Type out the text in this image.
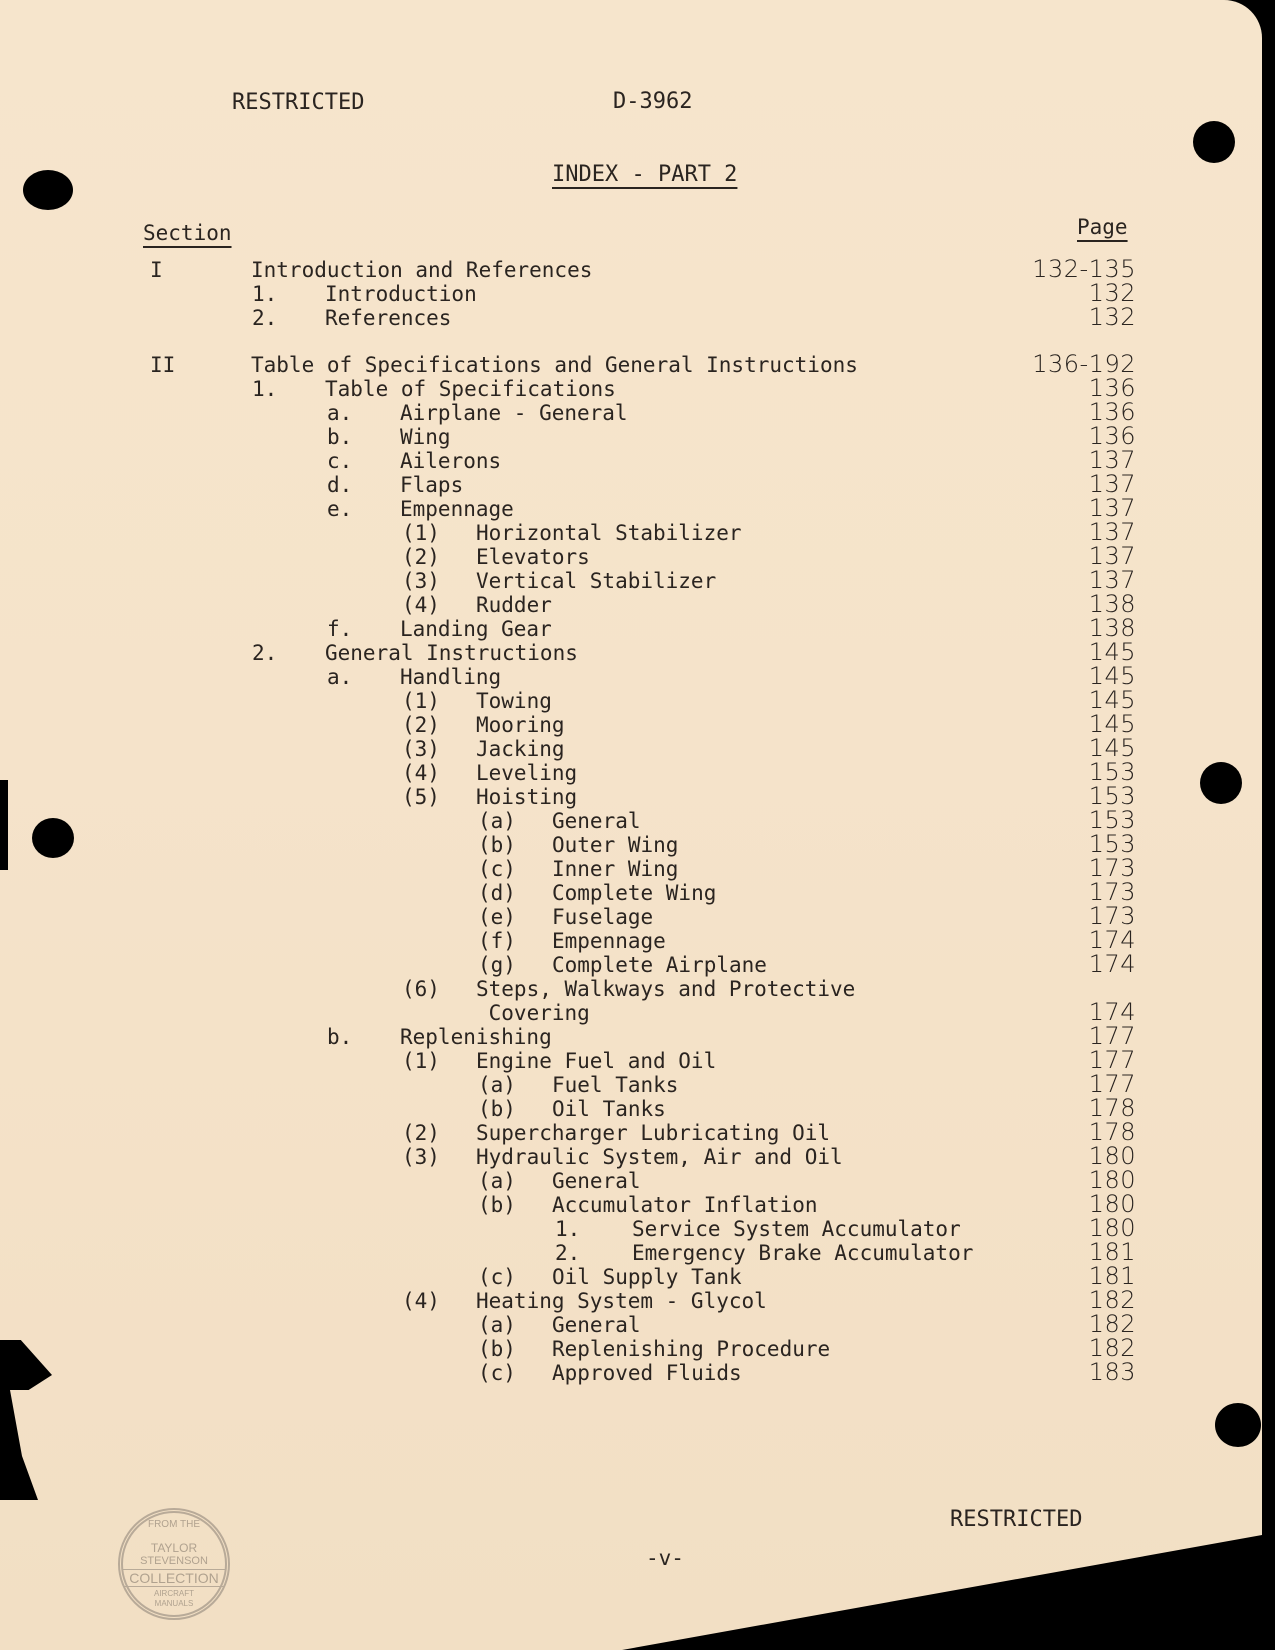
RESTRICTED	D-3962
INDEX - PART 2
Section	Page
I	Introduction and References	132-135
1. Introduction	132
2. References	132
II	Table of Specifications and General Instructions	136-192
1. Table of Specifications	136
a. Airplane - General	136
b. Wing	136
c. Ailerons	137
d. Flaps	137
e. Empennage	137
(1) Horizontal Stabilizer	137
(2) Elevators	137
(3) Vertical Stabilizer	137
(4) Rudder	138
f. Landing Gear	138
2. General Instructions	145
a. Handling	145
(1) Towing	145
(2) Mooring	145
(3) Jacking	145
(4) Leveling	153
(5) Hoisting	153
(a) General	153
(b) Outer Wing	153
(c) Inner Wing	173
(d) Complete Wing	173
(e) Fuselage	173
(f) Empennage	174
(g) Complete Airplane	174
(6) Steps, Walkways and Protective
Covering	174
b. Replenishing	177
(1) Engine Fuel and Oil	177
(a) Fuel Tanks	177
(b) Oil Tanks	178
(2) Supercharger Lubricating Oil	178
(3) Hydraulic System, Air and Oil	180
(a) General	180
(b) Accumulator Inflation	180
1. Service System Accumulator	180
2. Emergency Brake Accumulator	181
(c) Oil Supply Tank	181
(4) Heating System - Glycol	182
(a) General	182
(b) Replenishing Procedure	182
(c) Approved Fluids	183
RESTRICTED
-v-
FROM THE
TAYLOR
STEVENSON
COLLECTION
AIRCRAFT
MANUALS
